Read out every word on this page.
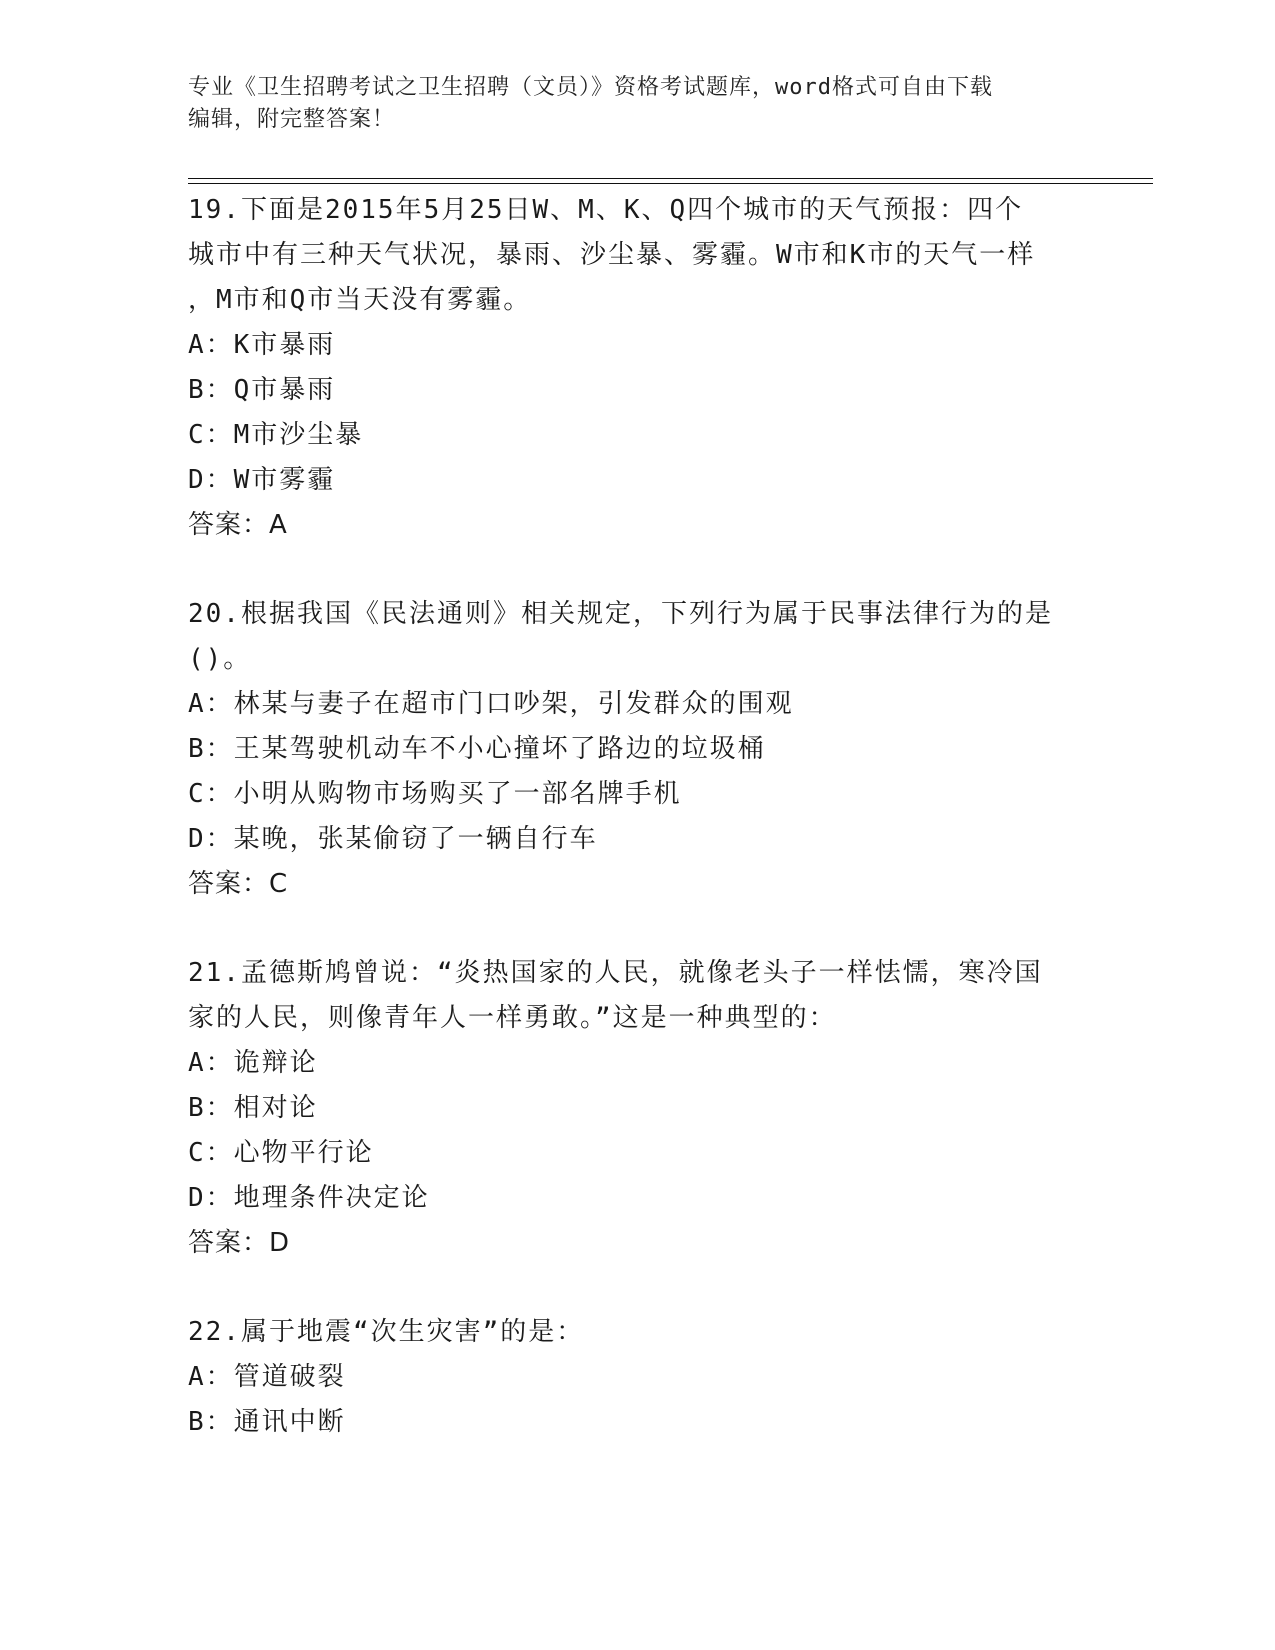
专业《卫生招聘考试之卫生招聘（文员）》资格考试题库，word格式可自由下载
编辑，附完整答案！

19.下面是2015年5月25日W、M、K、Q四个城市的天气预报：四个

城市中有三种天气状况，暴雨、沙尘暴、雾霾。W市和K市的天气一样

，M市和Q市当天没有雾霾。

A：K市暴雨

B：Q市暴雨

C：M市沙尘暴

D：W市雾霾

答案：A

20.根据我国《民法通则》相关规定，下列行为属于民事法律行为的是

()。

A：林某与妻子在超市门口吵架，引发群众的围观

B：王某驾驶机动车不小心撞坏了路边的垃圾桶

C：小明从购物市场购买了一部名牌手机

D：某晚，张某偷窃了一辆自行车

答案：C

21.孟德斯鸠曾说：“炎热国家的人民，就像老头子一样怯懦，寒冷国

家的人民，则像青年人一样勇敢。”这是一种典型的：

A：诡辩论

B：相对论

C：心物平行论

D：地理条件决定论

答案：D

22.属于地震“次生灾害”的是：

A：管道破裂

B：通讯中断
